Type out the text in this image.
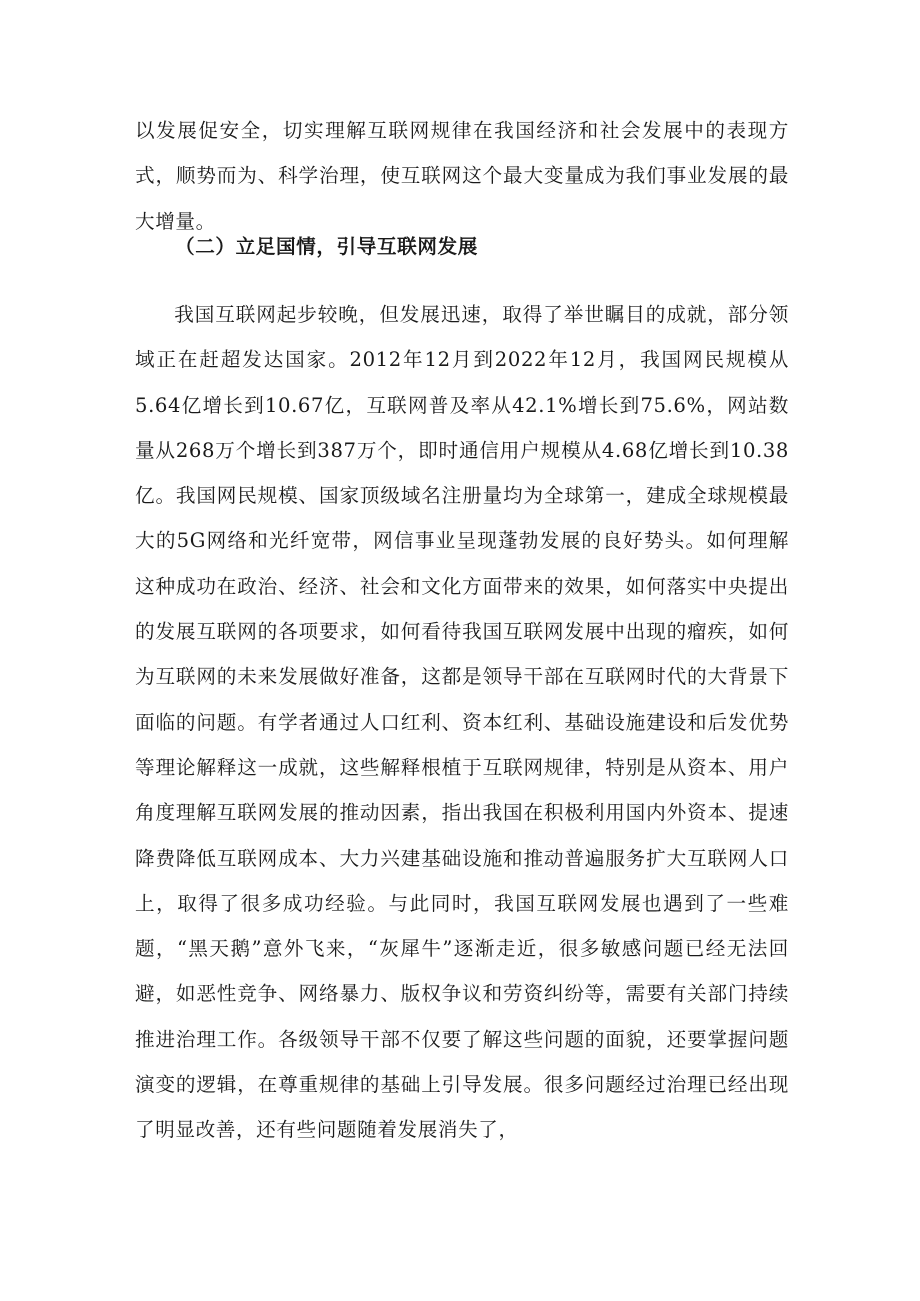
以发展促安全，切实理解互联网规律在我国经济和社会发展中的表现方式，顺势而为、科学治理，使互联网这个最大变量成为我们事业发展的最大增量。

（二）立足国情，引导互联网发展

我国互联网起步较晚，但发展迅速，取得了举世瞩目的成就，部分领域正在赶超发达国家。2012年12月到2022年12月，我国网民规模从5.64亿增长到10.67亿，互联网普及率从42.1%增长到75.6%，网站数量从268万个增长到387万个，即时通信用户规模从4.68亿增长到10.38亿。我国网民规模、国家顶级域名注册量均为全球第一，建成全球规模最大的5G网络和光纤宽带，网信事业呈现蓬勃发展的良好势头。如何理解这种成功在政治、经济、社会和文化方面带来的效果，如何落实中央提出的发展互联网的各项要求，如何看待我国互联网发展中出现的瘤疾，如何为互联网的未来发展做好准备，这都是领导干部在互联网时代的大背景下面临的问题。有学者通过人口红利、资本红利、基础设施建设和后发优势等理论解释这一成就，这些解释根植于互联网规律，特别是从资本、用户角度理解互联网发展的推动因素，指出我国在积极利用国内外资本、提速降费降低互联网成本、大力兴建基础设施和推动普遍服务扩大互联网人口上，取得了很多成功经验。与此同时，我国互联网发展也遇到了一些难题，“黑天鹅”意外飞来，“灰犀牛”逐渐走近，很多敏感问题已经无法回避，如恶性竞争、网络暴力、版权争议和劳资纠纷等，需要有关部门持续推进治理工作。各级领导干部不仅要了解这些问题的面貌，还要掌握问题演变的逻辑，在尊重规律的基础上引导发展。很多问题经过治理已经出现了明显改善，还有些问题随着发展消失了，
